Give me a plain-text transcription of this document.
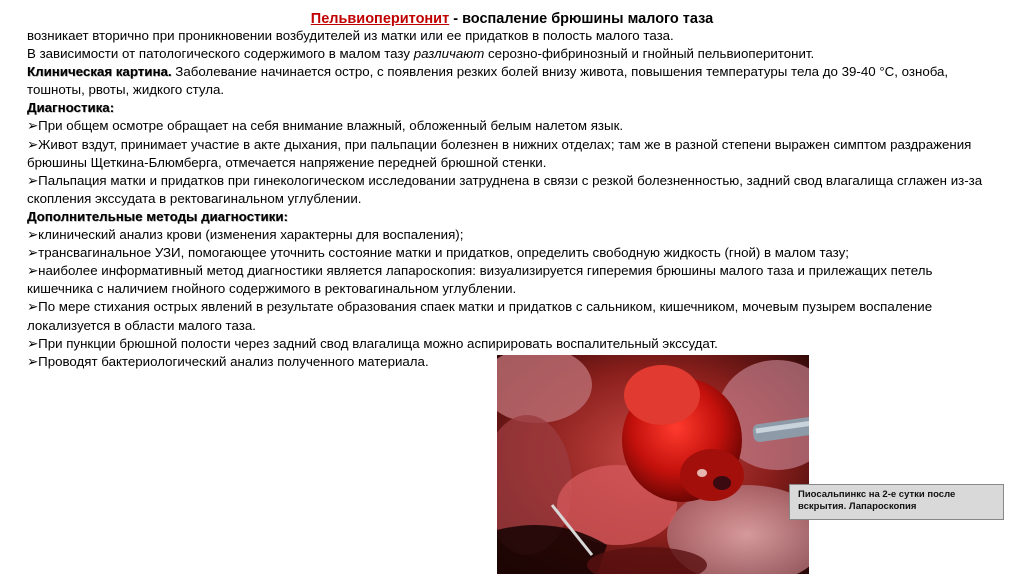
Пельвиоперитонит - воспаление брюшины малого таза

возникает вторично при проникновении возбудителей из матки или ее придатков в полость малого таза.

В зависимости от патологического содержимого в малом тазу различают серозно-фибринозный и гнойный пельвиоперитонит.

Клиническая картина. Заболевание начинается остро, с появления резких болей внизу живота, повышения температуры тела до 39-40 °С, озноба, тошноты, рвоты, жидкого стула.

Диагностика:

➢При общем осмотре обращает на себя внимание влажный, обложенный белым налетом язык.

➢Живот вздут, принимает участие в акте дыхания, при пальпации болезнен в нижних отделах; там же в разной степени выражен симптом раздражения брюшины Щеткина-Блюмберга, отмечается напряжение передней брюшной стенки.

➢Пальпация матки и придатков при гинекологическом исследовании затруднена в связи с резкой болезненностью, задний свод влагалища сглажен из-за скопления экссудата в ректовагинальном углублении.

Дополнительные методы диагностики:

➢клинический анализ крови (изменения характерны для воспаления);

➢трансвагинальное УЗИ, помогающее уточнить состояние матки и придатков, определить свободную жидкость (гной) в малом тазу;

➢наиболее информативный метод диагностики является лапароскопия: визуализируется гиперемия брюшины малого таза и прилежащих петель кишечника с наличием гнойного содержимого в ректовагинальном углублении.

➢По мере стихания острых явлений в результате образования спаек матки и придатков с сальником, кишечником, мочевым пузырем воспаление локализуется в области малого таза.

➢При пункции брюшной полости через задний свод влагалища можно аспирировать воспалительный экссудат.

➢Проводят бактериологический анализ полученного материала.

Пиосальпинкс на 2-е сутки после вскрытия. Лапароскопия
